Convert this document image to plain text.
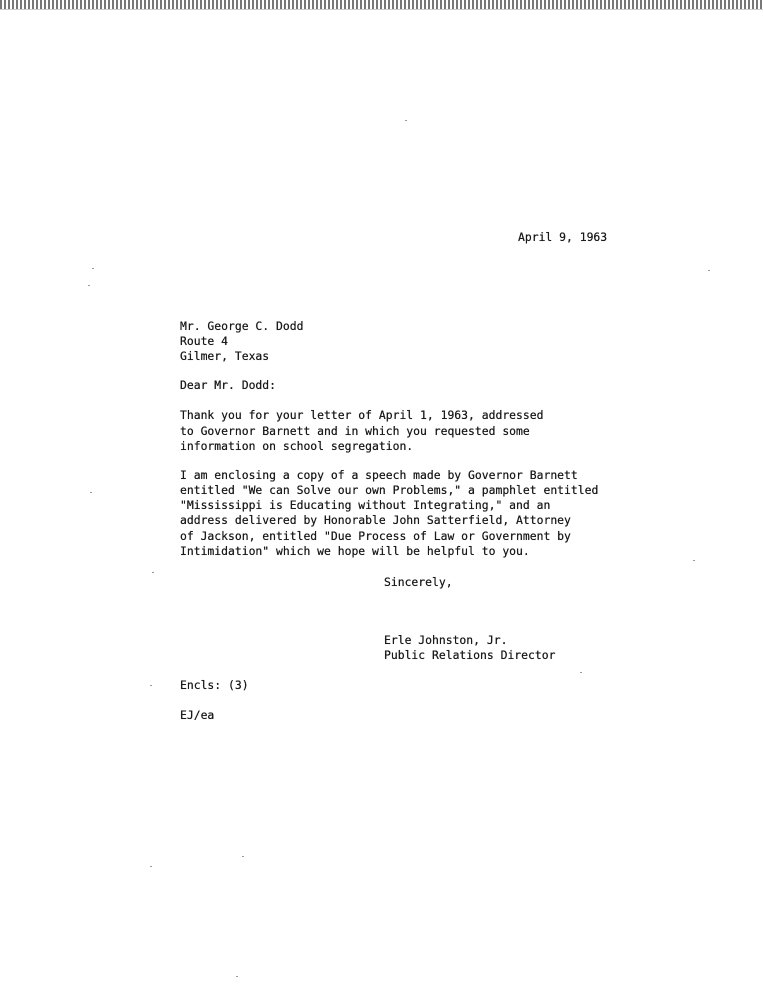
April 9, 1963
Mr. George C. Dodd
Route 4
Gilmer, Texas
Dear Mr. Dodd:
Thank you for your letter of April 1, 1963, addressed
to Governor Barnett and in which you requested some
information on school segregation.
I am enclosing a copy of a speech made by Governor Barnett
entitled "We can Solve our own Problems," a pamphlet entitled
"Mississippi is Educating without Integrating," and an
address delivered by Honorable John Satterfield, Attorney
of Jackson, entitled "Due Process of Law or Government by
Intimidation" which we hope will be helpful to you.
Sincerely,
Erle Johnston, Jr.
Public Relations Director
Encls: (3)
EJ/ea
